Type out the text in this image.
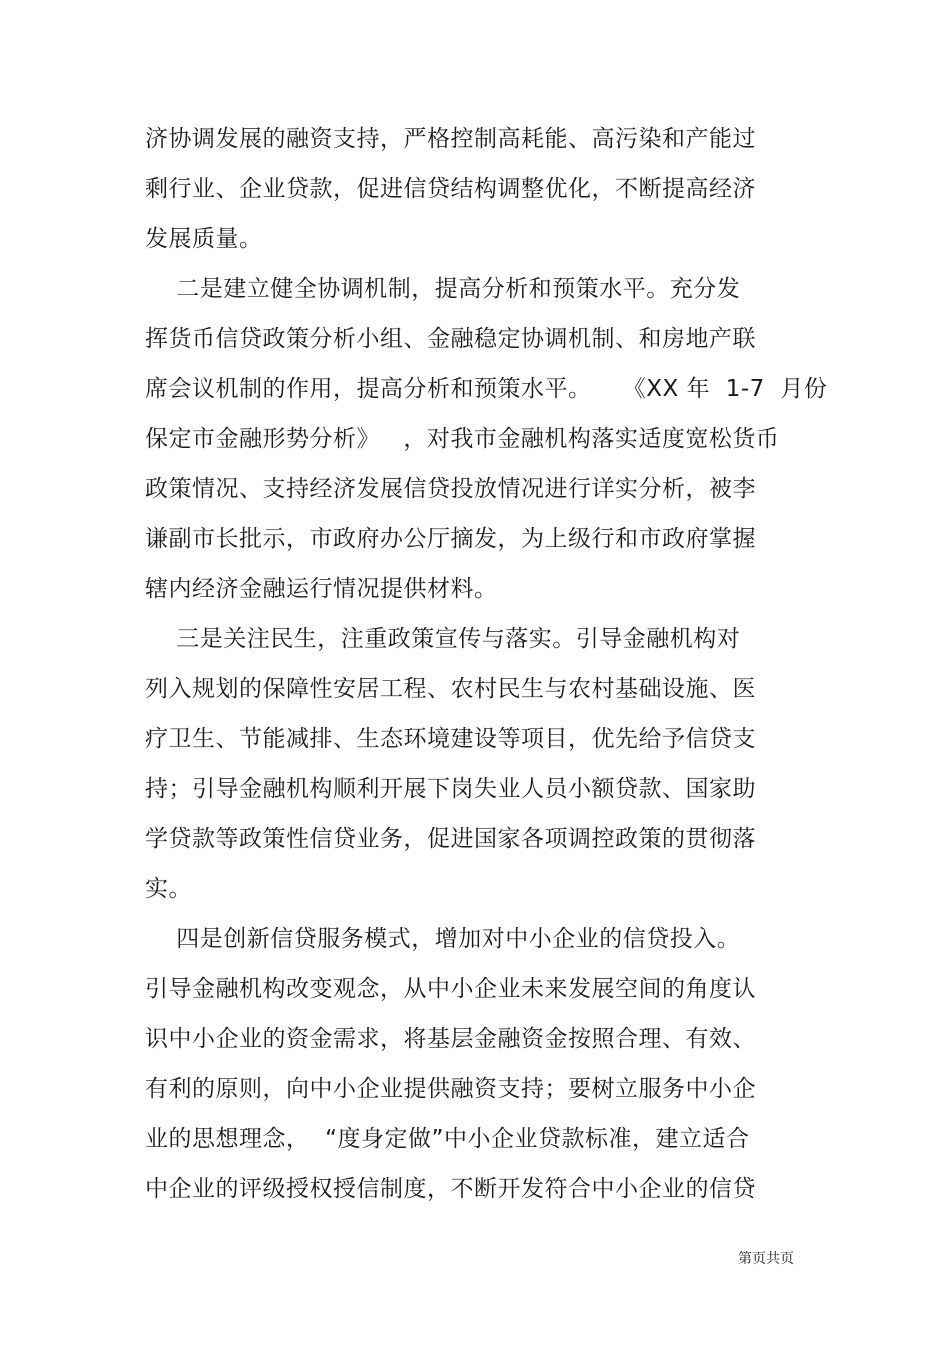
济协调发展的融资支持，严格控制高耗能、高污染和产能过
剩行业、企业贷款，促进信贷结构调整优化，不断提高经济
发展质量。
二是建立健全协调机制，提高分析和预策水平。充分发
挥货币信贷政策分析小组、金融稳定协调机制、和房地产联
席会议机制的作用，提高分析和预策水平。    《XX 年  1-7  月份
保定市金融形势分析》   ，对我市金融机构落实适度宽松货币
政策情况、支持经济发展信贷投放情况进行详实分析，被李
谦副市长批示，市政府办公厅摘发，为上级行和市政府掌握
辖内经济金融运行情况提供材料。
三是关注民生，注重政策宣传与落实。引导金融机构对
列入规划的保障性安居工程、农村民生与农村基础设施、医
疗卫生、节能减排、生态环境建设等项目，优先给予信贷支
持；引导金融机构顺利开展下岗失业人员小额贷款、国家助
学贷款等政策性信贷业务，促进国家各项调控政策的贯彻落
实。
四是创新信贷服务模式，增加对中小企业的信贷投入。
引导金融机构改变观念，从中小企业未来发展空间的角度认
识中小企业的资金需求，将基层金融资金按照合理、有效、
有利的原则，向中小企业提供融资支持；要树立服务中小企
业的思想理念，  “度身定做”中小企业贷款标准，建立适合
中企业的评级授权授信制度，不断开发符合中小企业的信贷
第页共页
